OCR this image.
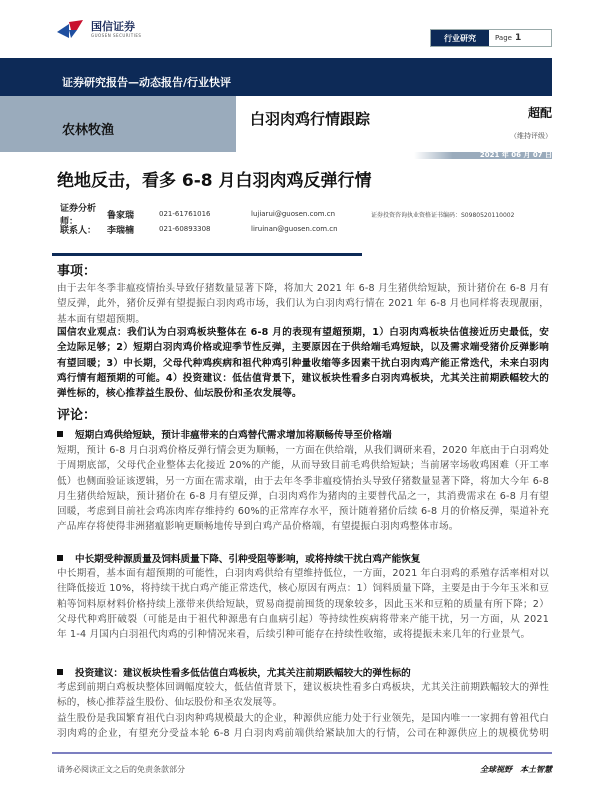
国信证券
GUOSEN SECURITIES	行业研究	Page 1
证券研究报告—动态报告/行业快评
农林牧渔
白羽肉鸡行情跟踪	超配
（维持评级）
2021 年 06 月 07 日
绝地反击，看多 6-8 月白羽肉鸡反弹行情
证券分析师：
鲁家瑞	021-61761016	lujiarui@guosen.com.cn	证券投资咨询执业资格证书编码：S0980520110002
联系人：	李瑞楠	021-60893308	liruinan@guosen.com.cn
事项：
由于去年冬季非瘟疫情抬头导致仔猪数量显著下降，将加大 2021 年 6-8 月生猪供给短缺，预计猪价在 6-8 月有望反弹，此外，猪价反弹有望提振白羽肉鸡市场，我们认为白羽肉鸡行情在 2021 年 6-8 月也同样将表现靓丽，基本面有望超预期。
国信农业观点：我们认为白羽鸡板块整体在 6-8 月的表现有望超预期，1）白羽肉鸡板块估值接近历史最低，安全边际足够；2）短期白羽肉鸡价格或迎季节性反弹，主要原因在于供给端毛鸡短缺，以及需求端受猪价反弹影响有望回暖；3）中长期，父母代种鸡疾病和祖代种鸡引种量收缩等多因素干扰白羽肉鸡产能正常迭代，未来白羽肉鸡行情有超预期的可能。4）投资建议：低估值背景下，建议板块性看多白羽肉鸡板块，尤其关注前期跌幅较大的弹性标的，核心推荐益生股份、仙坛股份和圣农发展等。
评论：
短期白鸡供给短缺，预计非瘟带来的白鸡替代需求增加将顺畅传导至价格端
短期，预计 6-8 月白羽鸡价格反弹行情会更为顺畅，一方面在供给端，从我们调研来看，2020 年底由于白羽鸡处于周期底部，父母代企业整体去化接近 20%的产能，从而导致目前毛鸡供给短缺；当前屠宰场收鸡困难（开工率低）也侧面验证该逻辑，另一方面在需求端，由于去年冬季非瘟疫情抬头导致仔猪数量显著下降，将加大今年 6-8 月生猪供给短缺，预计猪价在 6-8 月有望反弹，白羽肉鸡作为猪肉的主要替代品之一，其消费需求在 6-8 月有望回暖，考虑到目前社会鸡冻肉库存维持约 60%的正常库存水平，预计随着猪价后续 6-8 月的价格反弹，渠道补充产品库存将使得非洲猪瘟影响更顺畅地传导到白鸡产品价格端，有望提振白羽肉鸡整体市场。
中长期受种源质量及饲料质量下降、引种受阻等影响，或将持续干扰白鸡产能恢复
中长期看，基本面有超预期的可能性，白羽肉鸡供给有望维持低位，一方面，2021 年白羽鸡的系殖存活率相对以往降低接近 10%，将持续干扰白鸡产能正常迭代，核心原因有两点：1）饲料质量下降，主要是由于今年玉米和豆粕等饲料原材料价格持续上涨带来供给短缺，贸易商提前囤货的现象较多，因此玉米和豆粕的质量有所下降；2）父母代种鸡肝破裂（可能是由于祖代种源患有白血病引起）等持续性疾病将带来产能干扰，另一方面，从 2021 年 1-4 月国内白羽祖代肉鸡的引种情况来看，后续引种可能存在持续性收缩，或将提振未来几年的行业景气。
投资建议：建议板块性看多低估值白鸡板块，尤其关注前期跌幅较大的弹性标的
考虑到前期白鸡板块整体回调幅度较大，低估值背景下，建议板块性看多白鸡板块，尤其关注前期跌幅较大的弹性标的，核心推荐益生股份、仙坛股份和圣农发展等。
益生股份是我国繁育祖代白羽肉种鸡规模最大的企业，种源供应能力处于行业领先，是国内唯一一家拥有曾祖代白羽肉鸡的企业，有望充分受益本轮 6-8 月白羽肉鸡前端供给紧缺加大的行情，公司在种源供应上的规模优势明
请务必阅读正文之后的免责条款部分	全球视野　本土智慧
